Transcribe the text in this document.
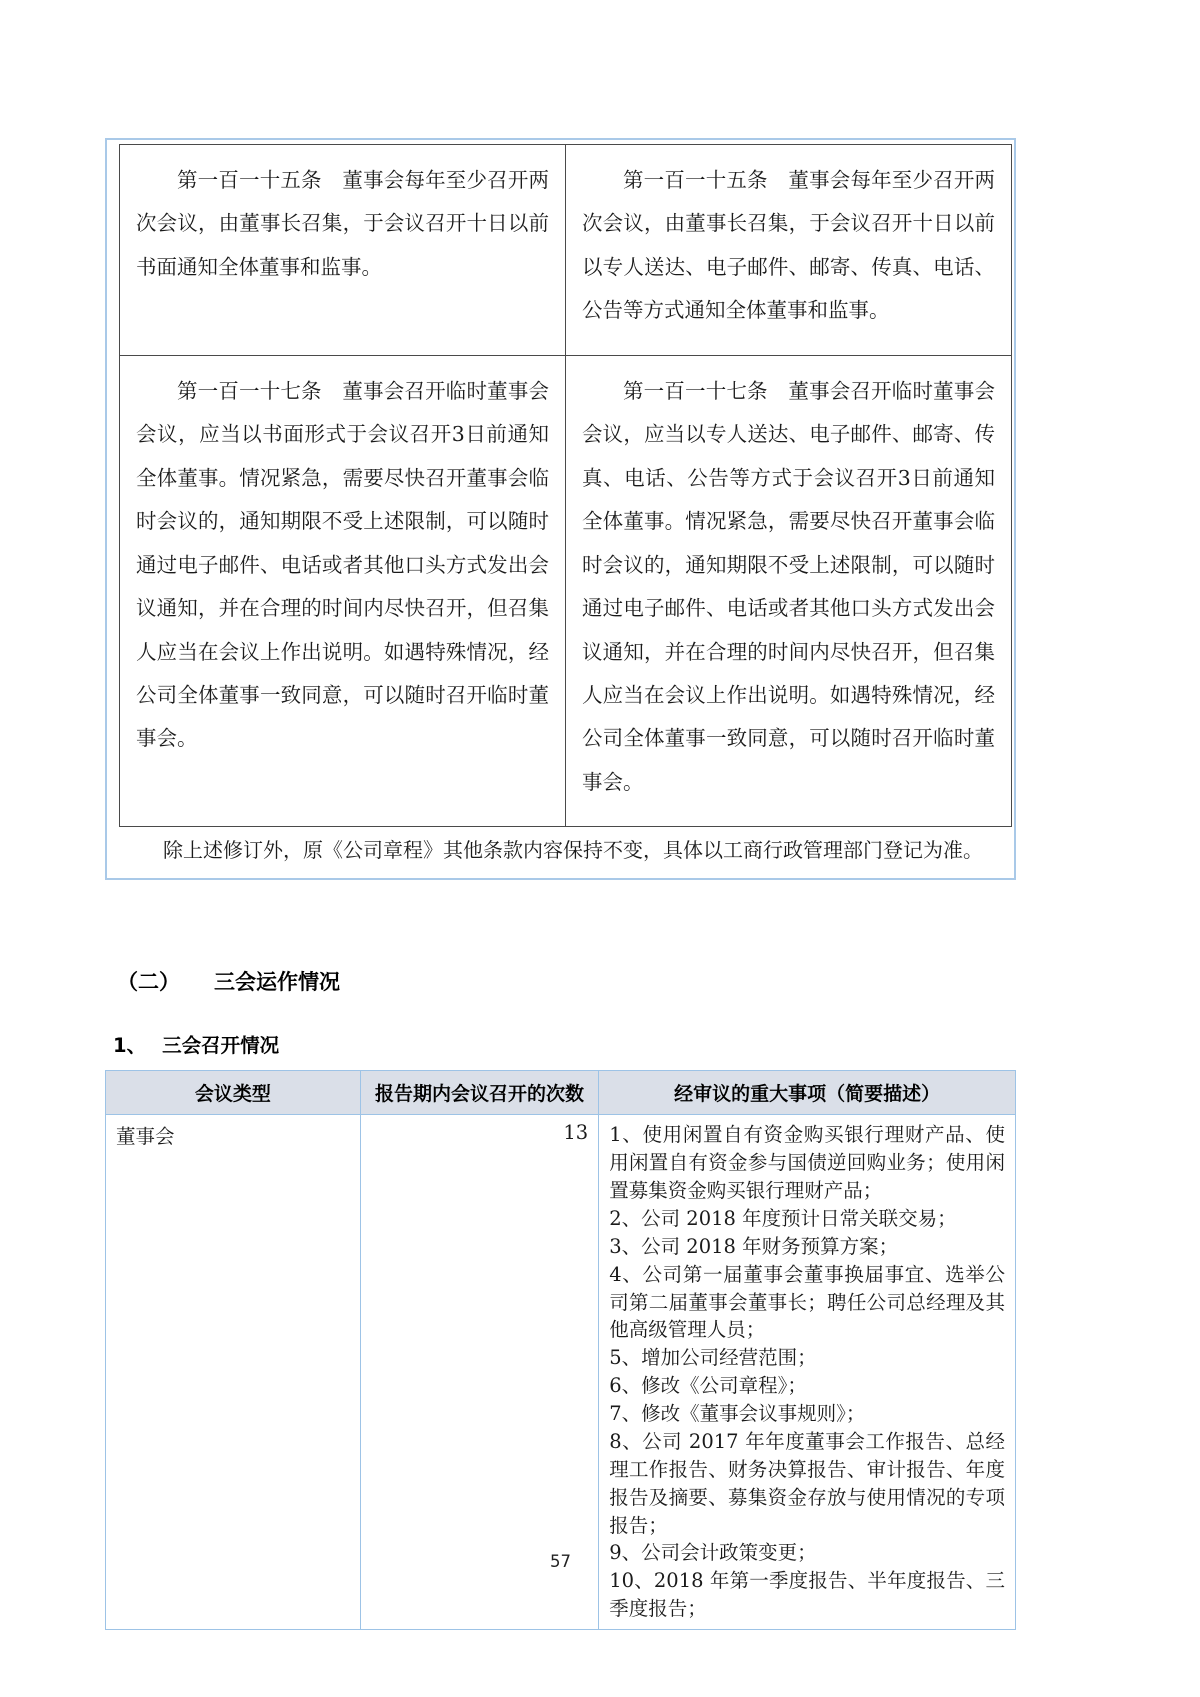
第一百一十五条　董事会每年至少召开两次会议，由董事长召集，于会议召开十日以前书面通知全体董事和监事。	第一百一十五条　董事会每年至少召开两次会议，由董事长召集，于会议召开十日以前以专人送达、电子邮件、邮寄、传真、电话、公告等方式通知全体董事和监事。

第一百一十七条　董事会召开临时董事会会议，应当以书面形式于会议召开3日前通知全体董事。情况紧急，需要尽快召开董事会临时会议的，通知期限不受上述限制，可以随时通过电子邮件、电话或者其他口头方式发出会议通知，并在合理的时间内尽快召开，但召集人应当在会议上作出说明。如遇特殊情况，经公司全体董事一致同意，可以随时召开临时董事会。	第一百一十七条　董事会召开临时董事会会议，应当以专人送达、电子邮件、邮寄、传真、电话、公告等方式于会议召开3日前通知全体董事。情况紧急，需要尽快召开董事会临时会议的，通知期限不受上述限制，可以随时通过电子邮件、电话或者其他口头方式发出会议通知，并在合理的时间内尽快召开，但召集人应当在会议上作出说明。如遇特殊情况，经公司全体董事一致同意，可以随时召开临时董事会。

除上述修订外，原《公司章程》其他条款内容保持不变，具体以工商行政管理部门登记为准。

（二） 三会运作情况
1、 三会召开情况
会议类型	报告期内会议召开的次数	经审议的重大事项（简要描述）
董事会	13	1、使用闲置自有资金购买银行理财产品、使用闲置自有资金参与国债逆回购业务；使用闲置募集资金购买银行理财产品；
2、公司 2018 年度预计日常关联交易；
3、公司 2018 年财务预算方案；
4、公司第一届董事会董事换届事宜、选举公司第二届董事会董事长；聘任公司总经理及其他高级管理人员；
5、增加公司经营范围；
6、修改《公司章程》；
7、修改《董事会议事规则》；
8、公司 2017 年年度董事会工作报告、总经理工作报告、财务决算报告、审计报告、年度报告及摘要、募集资金存放与使用情况的专项报告；
9、公司会计政策变更；
10、2018 年第一季度报告、半年度报告、三季度报告；
57
